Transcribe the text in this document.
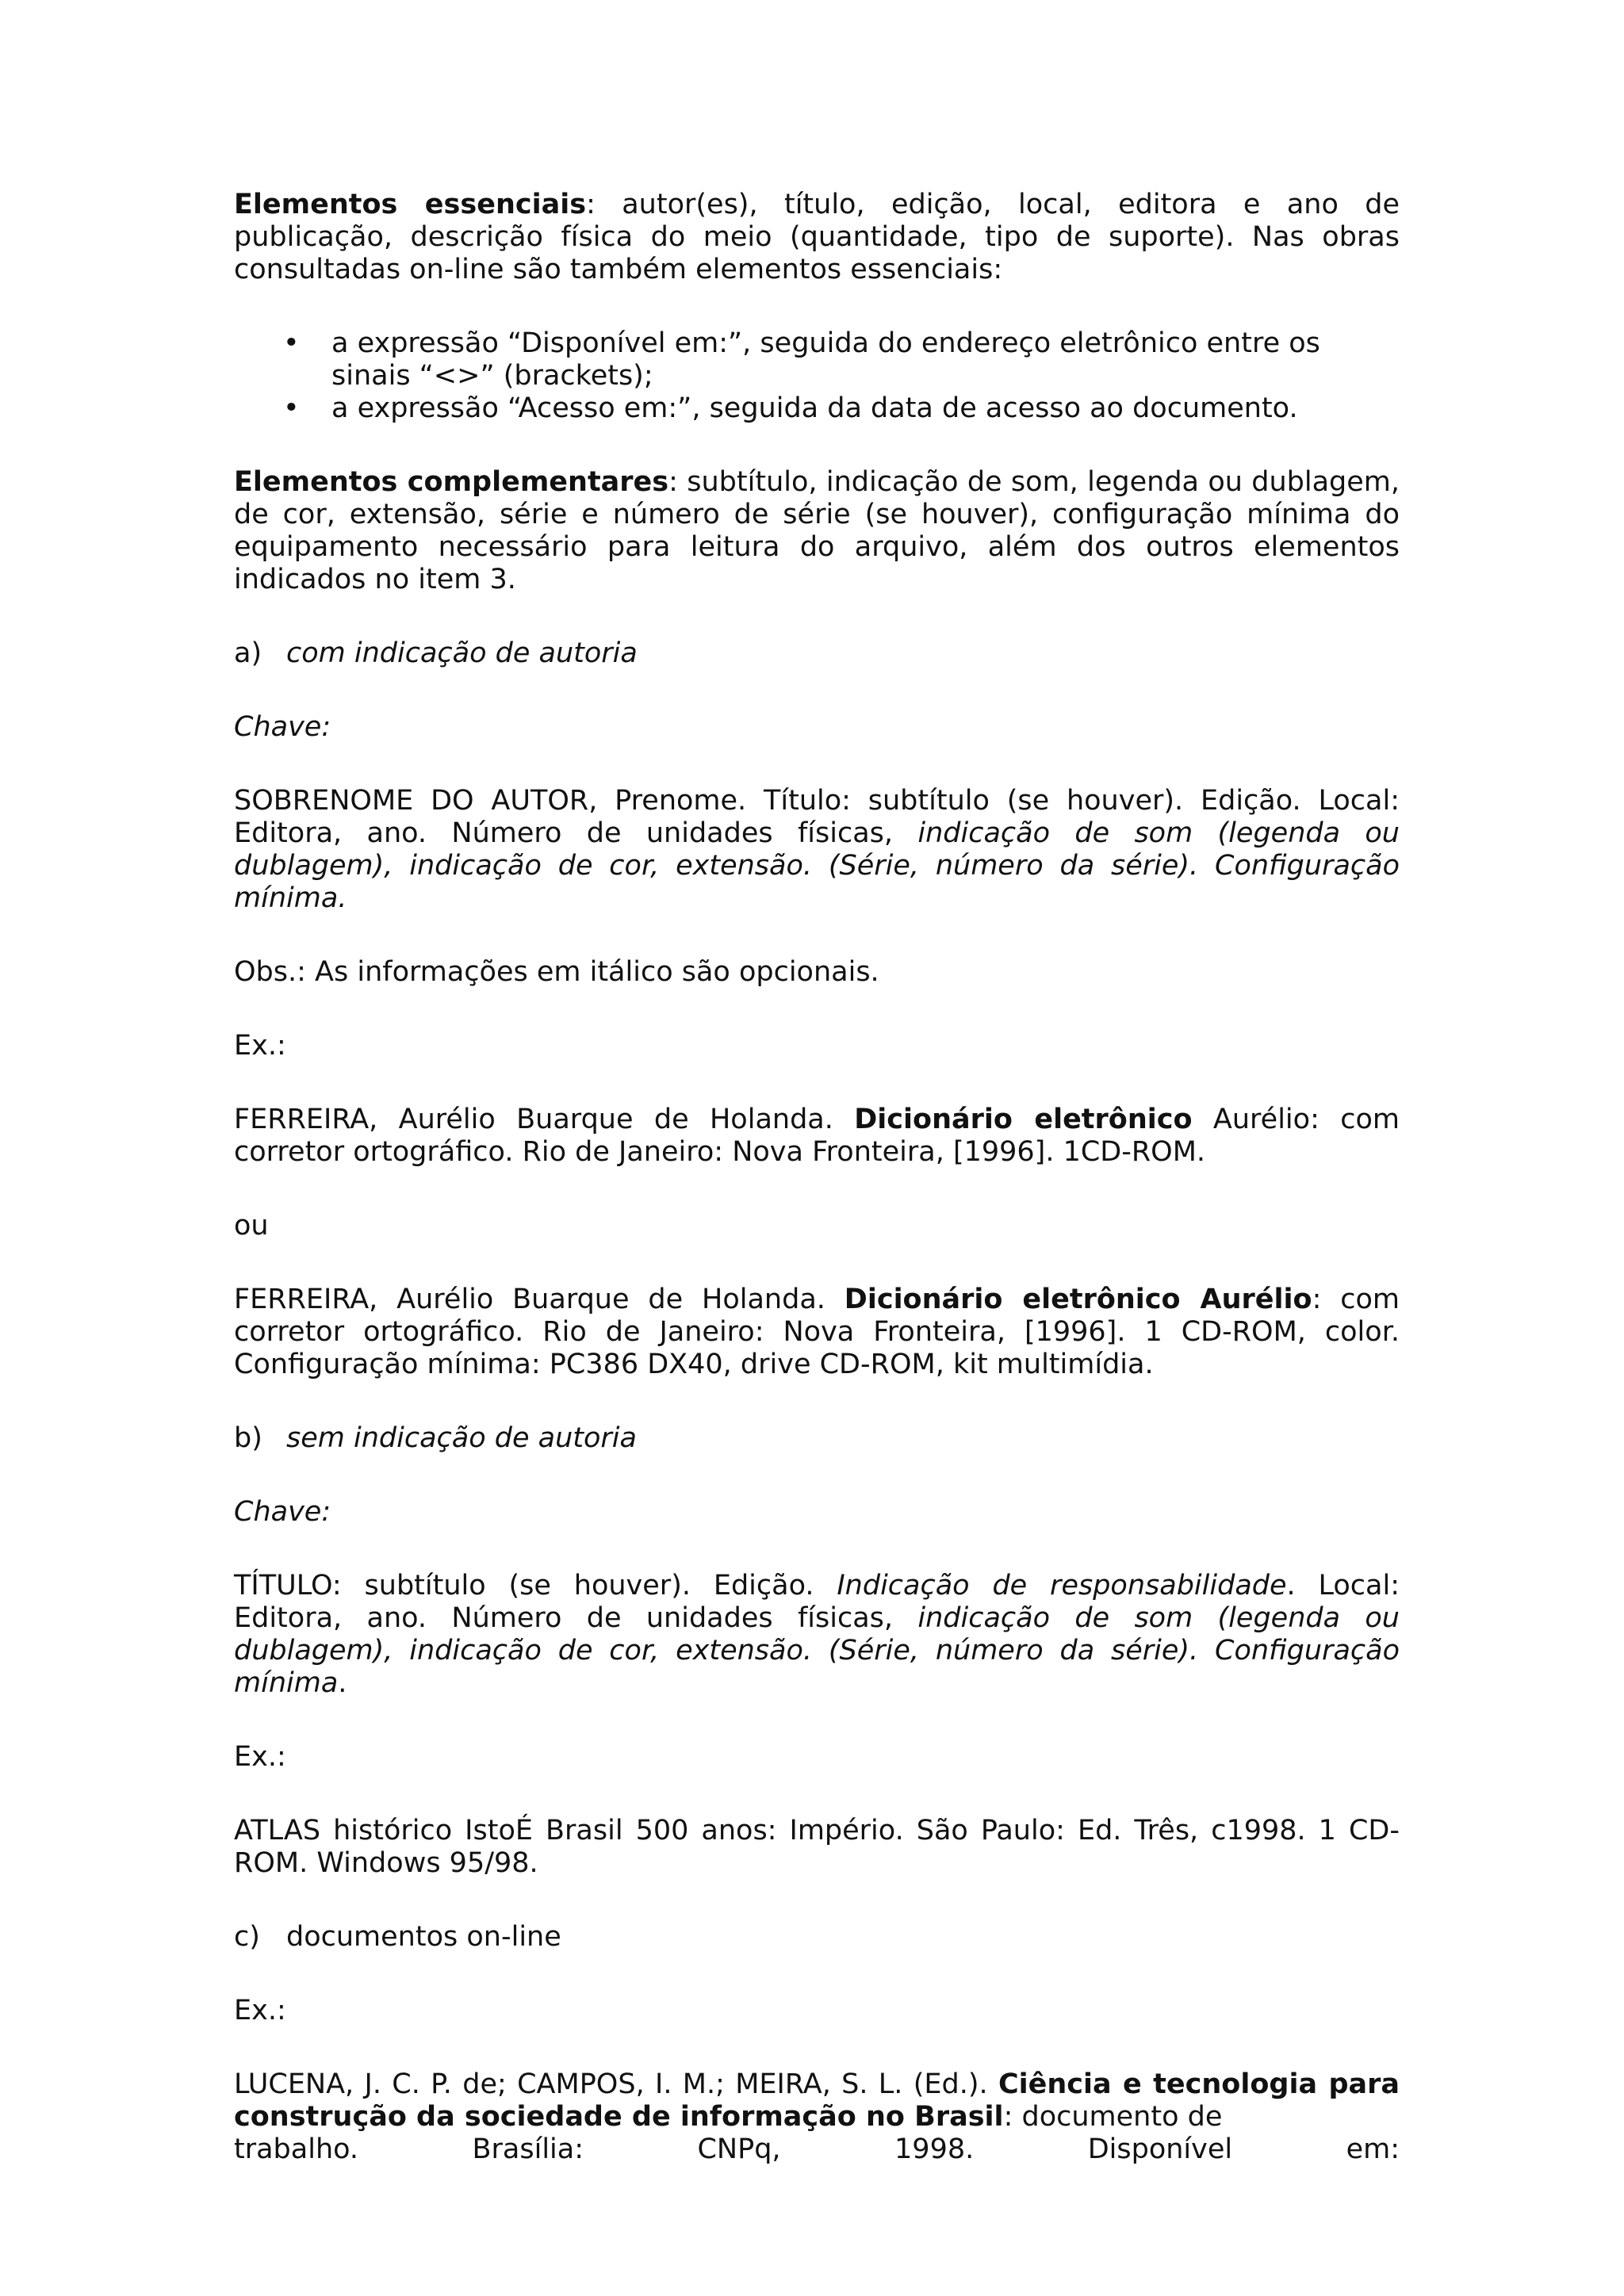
Elementos essenciais: autor(es), título, edição, local, editora e ano de publicação, descrição física do meio (quantidade, tipo de suporte). Nas obras consultadas on-line são também elementos essenciais:

• a expressão “Disponível em:”, seguida do endereço eletrônico entre os sinais “<>” (brackets);
• a expressão “Acesso em:”, seguida da data de acesso ao documento.

Elementos complementares: subtítulo, indicação de som, legenda ou dublagem, de cor, extensão, série e número de série (se houver), configuração mínima do equipamento necessário para leitura do arquivo, além dos outros elementos indicados no item 3.

a) com indicação de autoria

Chave:

SOBRENOME DO AUTOR, Prenome. Título: subtítulo (se houver). Edição. Local: Editora, ano. Número de unidades físicas, indicação de som (legenda ou dublagem), indicação de cor, extensão. (Série, número da série). Configuração mínima.

Obs.: As informações em itálico são opcionais.

Ex.:

FERREIRA, Aurélio Buarque de Holanda. Dicionário eletrônico Aurélio: com corretor ortográfico. Rio de Janeiro: Nova Fronteira, [1996]. 1CD-ROM.

ou

FERREIRA, Aurélio Buarque de Holanda. Dicionário eletrônico Aurélio: com corretor ortográfico. Rio de Janeiro: Nova Fronteira, [1996]. 1 CD-ROM, color. Configuração mínima: PC386 DX40, drive CD-ROM, kit multimídia.

b) sem indicação de autoria

Chave:

TÍTULO: subtítulo (se houver). Edição. Indicação de responsabilidade. Local: Editora, ano. Número de unidades físicas, indicação de som (legenda ou dublagem), indicação de cor, extensão. (Série, número da série). Configuração mínima.

Ex.:

ATLAS histórico IstoÉ Brasil 500 anos: Império. São Paulo: Ed. Três, c1998. 1 CD-ROM. Windows 95/98.

c) documentos on-line

Ex.:

LUCENA, J. C. P. de; CAMPOS, I. M.; MEIRA, S. L. (Ed.). Ciência e tecnologia para construção da sociedade de informação no Brasil: documento de

trabalho. Brasília: CNPq, 1998. Disponível em:
